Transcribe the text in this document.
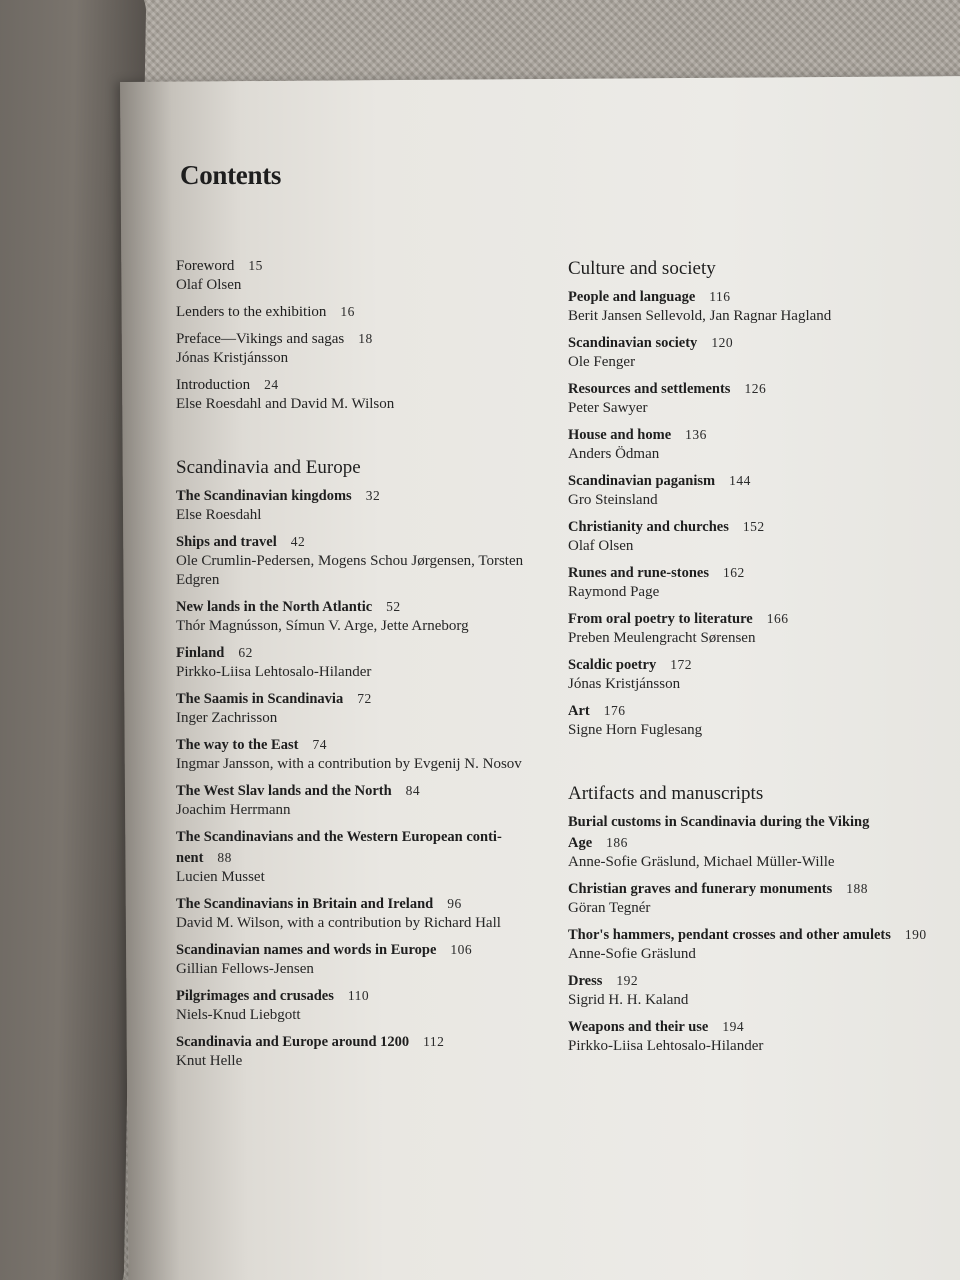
Contents
Foreword 15
Olaf Olsen
Lenders to the exhibition 16
Preface—Vikings and sagas 18
Jónas Kristjánsson
Introduction 24
Else Roesdahl and David M. Wilson
Scandinavia and Europe
The Scandinavian kingdoms 32
Else Roesdahl
Ships and travel 42
Ole Crumlin-Pedersen, Mogens Schou Jørgensen, Torsten Edgren
New lands in the North Atlantic 52
Thór Magnússon, Símun V. Arge, Jette Arneborg
Finland 62
Pirkko-Liisa Lehtosalo-Hilander
The Saamis in Scandinavia 72
Inger Zachrisson
The way to the East 74
Ingmar Jansson, with a contribution by Evgenij N. Nosov
The West Slav lands and the North 84
Joachim Herrmann
The Scandinavians and the Western European conti-nent 88
Lucien Musset
The Scandinavians in Britain and Ireland 96
David M. Wilson, with a contribution by Richard Hall
Scandinavian names and words in Europe 106
Gillian Fellows-Jensen
Pilgrimages and crusades 110
Niels-Knud Liebgott
Scandinavia and Europe around 1200 112
Knut Helle
Culture and society
People and language 116
Berit Jansen Sellevold, Jan Ragnar Hagland
Scandinavian society 120
Ole Fenger
Resources and settlements 126
Peter Sawyer
House and home 136
Anders Ödman
Scandinavian paganism 144
Gro Steinsland
Christianity and churches 152
Olaf Olsen
Runes and rune-stones 162
Raymond Page
From oral poetry to literature 166
Preben Meulengracht Sørensen
Scaldic poetry 172
Jónas Kristjánsson
Art 176
Signe Horn Fuglesang
Artifacts and manuscripts
Burial customs in Scandinavia during the Viking Age 186
Anne-Sofie Gräslund, Michael Müller-Wille
Christian graves and funerary monuments 188
Göran Tegnér
Thor's hammers, pendant crosses and other amulets 190
Anne-Sofie Gräslund
Dress 192
Sigrid H. H. Kaland
Weapons and their use 194
Pirkko-Liisa Lehtosalo-Hilander
